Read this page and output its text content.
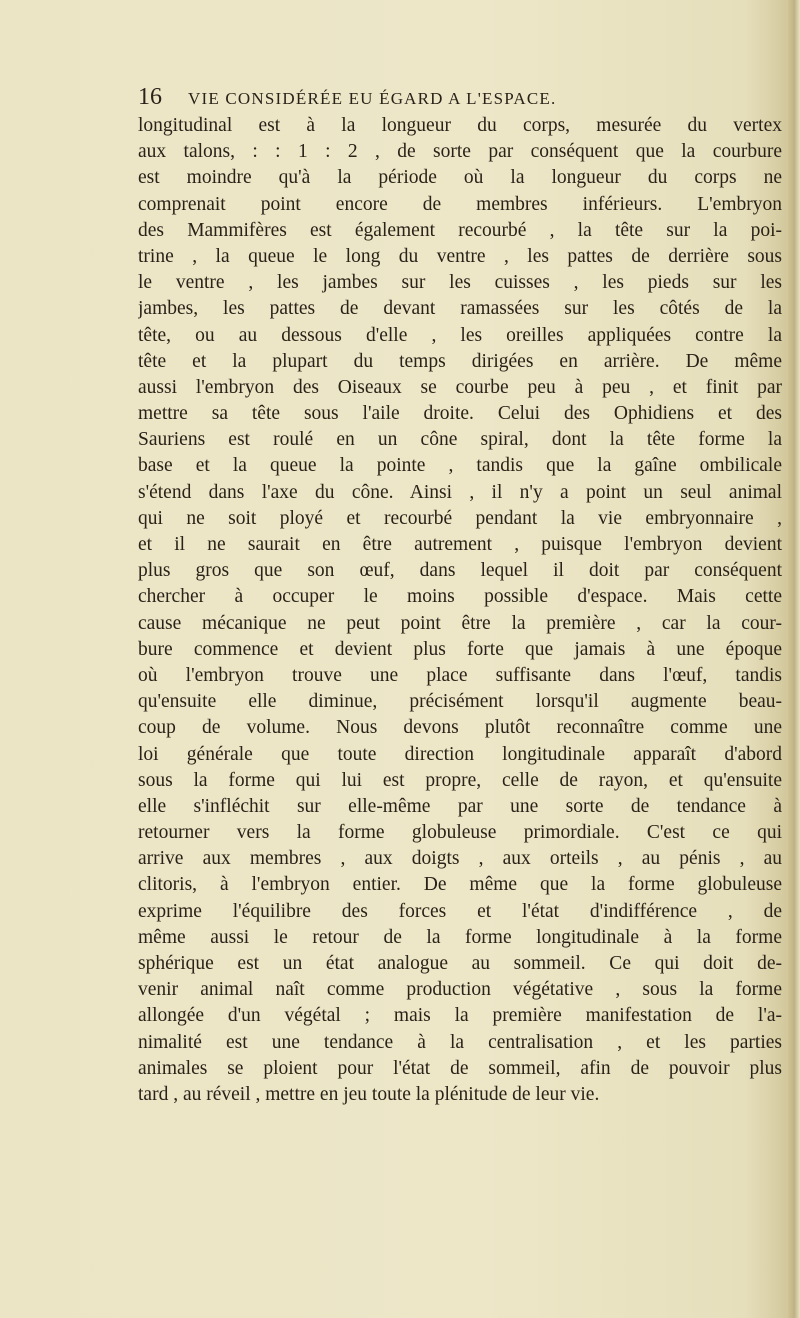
16 VIE CONSIDÉRÉE EU ÉGARD A L'ESPACE.
longitudinal est à la longueur du corps, mesurée du vertex
aux talons, : : 1 : 2 , de sorte par conséquent que la courbure
est moindre qu'à la période où la longueur du corps ne
comprenait point encore de membres inférieurs. L'embryon
des Mammifères est également recourbé , la tête sur la poi-
trine , la queue le long du ventre , les pattes de derrière sous
le ventre , les jambes sur les cuisses , les pieds sur les
jambes, les pattes de devant ramassées sur les côtés de la
tête, ou au dessous d'elle , les oreilles appliquées contre la
tête et la plupart du temps dirigées en arrière. De même
aussi l'embryon des Oiseaux se courbe peu à peu , et finit par
mettre sa tête sous l'aile droite. Celui des Ophidiens et des
Sauriens est roulé en un cône spiral, dont la tête forme la
base et la queue la pointe , tandis que la gaîne ombilicale
s'étend dans l'axe du cône. Ainsi , il n'y a point un seul animal
qui ne soit ployé et recourbé pendant la vie embryonnaire ,
et il ne saurait en être autrement , puisque l'embryon devient
plus gros que son œuf, dans lequel il doit par conséquent
chercher à occuper le moins possible d'espace. Mais cette
cause mécanique ne peut point être la première , car la cour-
bure commence et devient plus forte que jamais à une époque
où l'embryon trouve une place suffisante dans l'œuf, tandis
qu'ensuite elle diminue, précisément lorsqu'il augmente beau-
coup de volume. Nous devons plutôt reconnaître comme une
loi générale que toute direction longitudinale apparaît d'abord
sous la forme qui lui est propre, celle de rayon, et qu'ensuite
elle s'infléchit sur elle-même par une sorte de tendance à
retourner vers la forme globuleuse primordiale. C'est ce qui
arrive aux membres , aux doigts , aux orteils , au pénis , au
clitoris, à l'embryon entier. De même que la forme globuleuse
exprime l'équilibre des forces et l'état d'indifférence , de
même aussi le retour de la forme longitudinale à la forme
sphérique est un état analogue au sommeil. Ce qui doit de-
venir animal naît comme production végétative , sous la forme
allongée d'un végétal ; mais la première manifestation de l'a-
nimalité est une tendance à la centralisation , et les parties
animales se ploient pour l'état de sommeil, afin de pouvoir plus
tard , au réveil , mettre en jeu toute la plénitude de leur vie.
